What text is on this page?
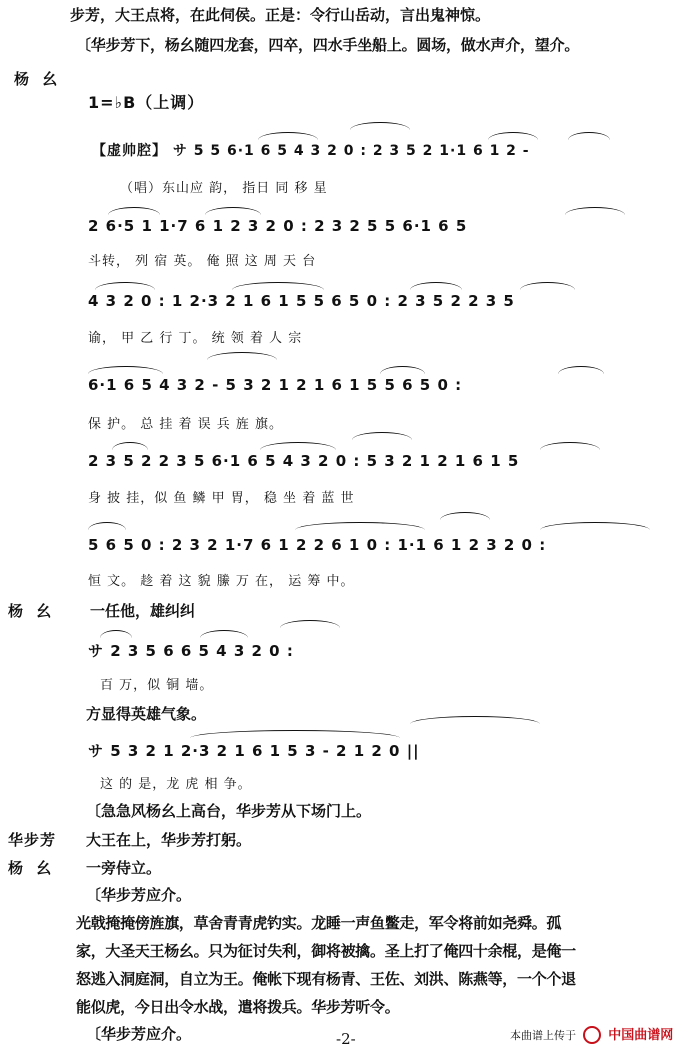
步芳，大王点将，在此伺侯。正是：令行山岳动，言出鬼神惊。
〔华步芳下，杨幺随四龙套，四卒，四水手坐船上。圆场，做水声介，望介。
杨 幺
1=♭B（上调）
【虚帅腔】 サ 5 5 6·1 6 5 4 3 2 0 : 2 3 5 2 1·1 6 1 2 -
（唱）东山应 韵， 指日 同 移 星
2 6·5 1 1·7 6 1 2 3 2 0 : 2 3 2 5 5 6·1 6 5
斗转， 列 宿 英。 俺 照 这 周 天 台
4 3 2 0 : 1 2·3 2 1 6 1 5 5 6 5 0 : 2 3 5 2 2 3 5
谕， 甲 乙 行 丁。 统 领 着 人 宗
6·1 6 5 4 3 2 - 5 3 2 1 2 1 6 1 5 5 6 5 0 :
保 护。 总 挂 着 误 兵 旌 旗。
2 3 5 2 2 3 5 6·1 6 5 4 3 2 0 : 5 3 2 1 2 1 6 1 5
身 披 挂，似 鱼 鳞 甲 胃， 稳 坐 着 蓝 世
5 6 5 0 : 2 3 2 1·7 6 1 2 2 6 1 0 : 1·1 6 1 2 3 2 0 :
恒 文。 趁 着 这 貌 縢 万 在， 运 筹 中。
杨 幺 一任他，雄纠纠
サ 2 3 5 6 6 5 4 3 2 0 :
百 万，似 铜 墙。
方显得英雄气象。
サ 5 3 2 1 2·3 2 1 6 1 5 3 - 2 1 2 0 ||
这 的 是，龙 虎 相 争。
〔急急风杨幺上高台，华步芳从下场门上。
华步芳 大王在上，华步芳打躬。
杨 幺 一旁侍立。
〔华步芳应介。
光戟掩掩傍旌旗，草舍青青虎钓实。龙睡一声鱼鳖走，军令将前如尧舜。孤
家，大圣天王杨幺。只为征讨失利，御将被擒。圣上打了俺四十余棍，是俺一
怒逃入洞庭洞，自立为王。俺帐下现有杨青、王佐、刘洪、陈燕等，一个个退
能似虎，今日出令水战，遣将拨兵。华步芳听令。
〔华步芳应介。	-2-	本曲谱上传于 中国曲谱网
